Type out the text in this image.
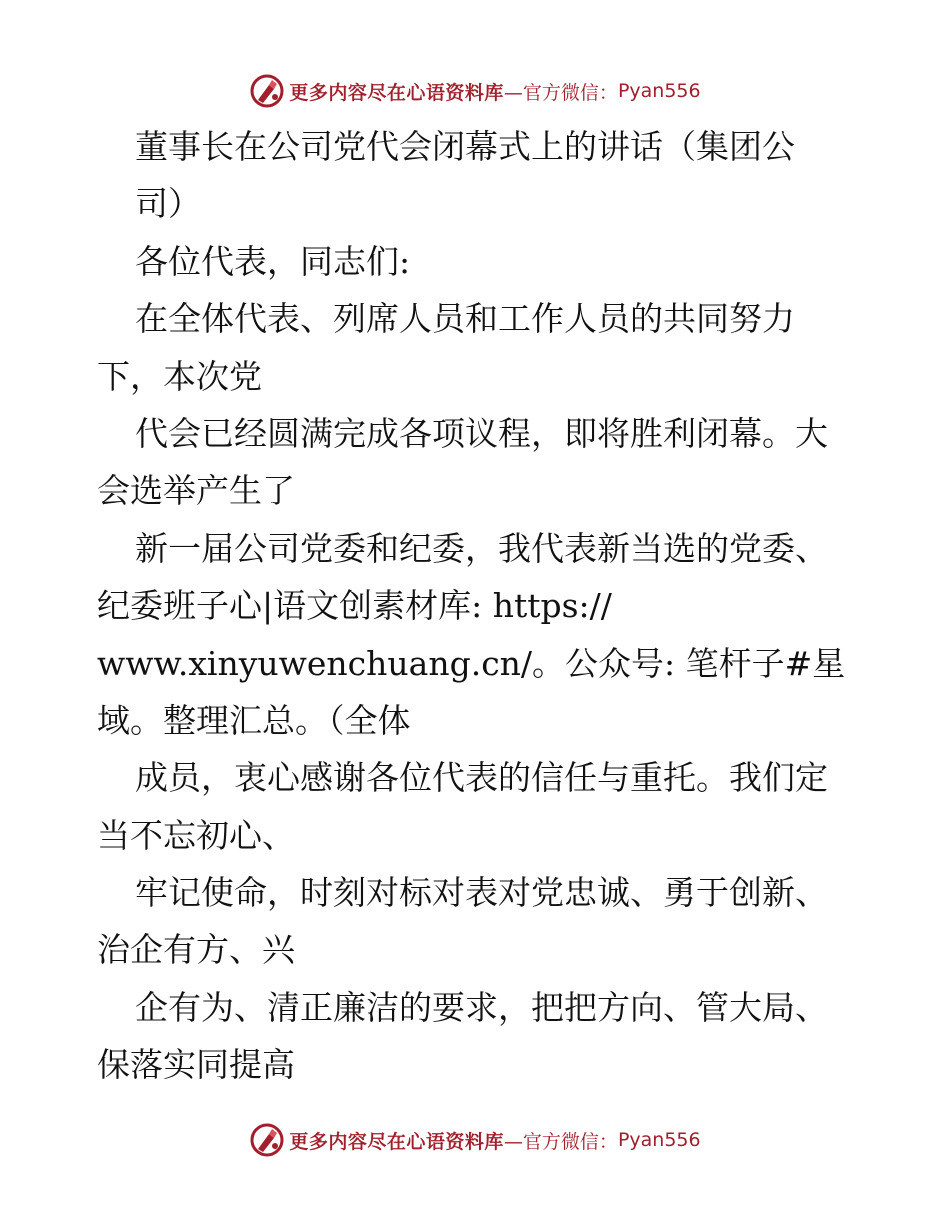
更多内容尽在心语资料库 —官方微信： Pyan556
董事长在公司党代会闭幕式上的讲话（集团公
司）
各位代表，同志们:
在全体代表、列席人员和工作人员的共同努力
下，本次党
代会已经圆满完成各项议程，即将胜利闭幕。大
会选举产生了
新一届公司党委和纪委，我代表新当选的党委、
纪委班子心|语文创素材库: https://
www.xinyuwenchuang.cn/。公众号: 笔杆子#星
域。整理汇总。（全体
成员，衷心感谢各位代表的信任与重托。我们定
当不忘初心、
牢记使命，时刻对标对表对党忠诚、勇于创新、
治企有方、兴
企有为、清正廉洁的要求，把把方向、管大局、
保落实同提高
更多内容尽在心语资料库 —官方微信： Pyan556
